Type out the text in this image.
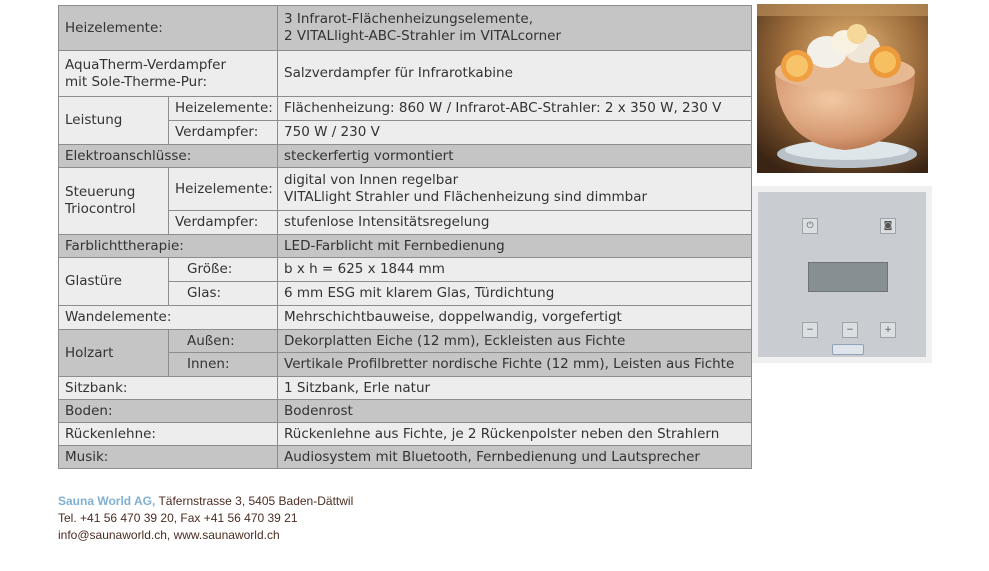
Heizelemente:		3 Infrarot-Flächenheizungselemente,
2 VITALlight-ABC-Strahler im VITALcorner
AquaTherm-Verdampfer
mit Sole-Therme-Pur:		Salzverdampfer für Infrarotkabine
Leistung	Heizelemente:	Flächenheizung: 860 W / Infrarot-ABC-Strahler: 2 x 350 W, 230 V
	Verdampfer:	750 W / 230 V
Elektroanschlüsse:		steckerfertig vormontiert
Steuerung
Triocontrol	Heizelemente:	digital von Innen regelbar
VITALlight Strahler und Flächenheizung sind dimmbar
	Verdampfer:	stufenlose Intensitätsregelung
Farblichttherapie:		LED-Farblicht mit Fernbedienung
Glastüre	Größe:	b x h = 625 x 1844 mm
	Glas:	6 mm ESG mit klarem Glas, Türdichtung
Wandelemente:		Mehrschichtbauweise, doppelwandig, vorgefertigt
Holzart	Außen:	Dekorplatten Eiche (12 mm), Eckleisten aus Fichte
	Innen:	Vertikale Profilbretter nordische Fichte (12 mm), Leisten aus Fichte
Sitzbank:		1 Sitzbank, Erle natur
Boden:		Bodenrost
Rückenlehne:		Rückenlehne aus Fichte, je 2 Rückenpolster neben den Strahlern
Musik:		Audiosystem mit Bluetooth, Fernbedienung und Lautsprecher
⏻	◙
−	−	+
Sauna World AG, Täfernstrasse 3, 5405 Baden-Dättwil
Tel. +41 56 470 39 20, Fax +41 56 470 39 21
info@saunaworld.ch, www.saunaworld.ch
